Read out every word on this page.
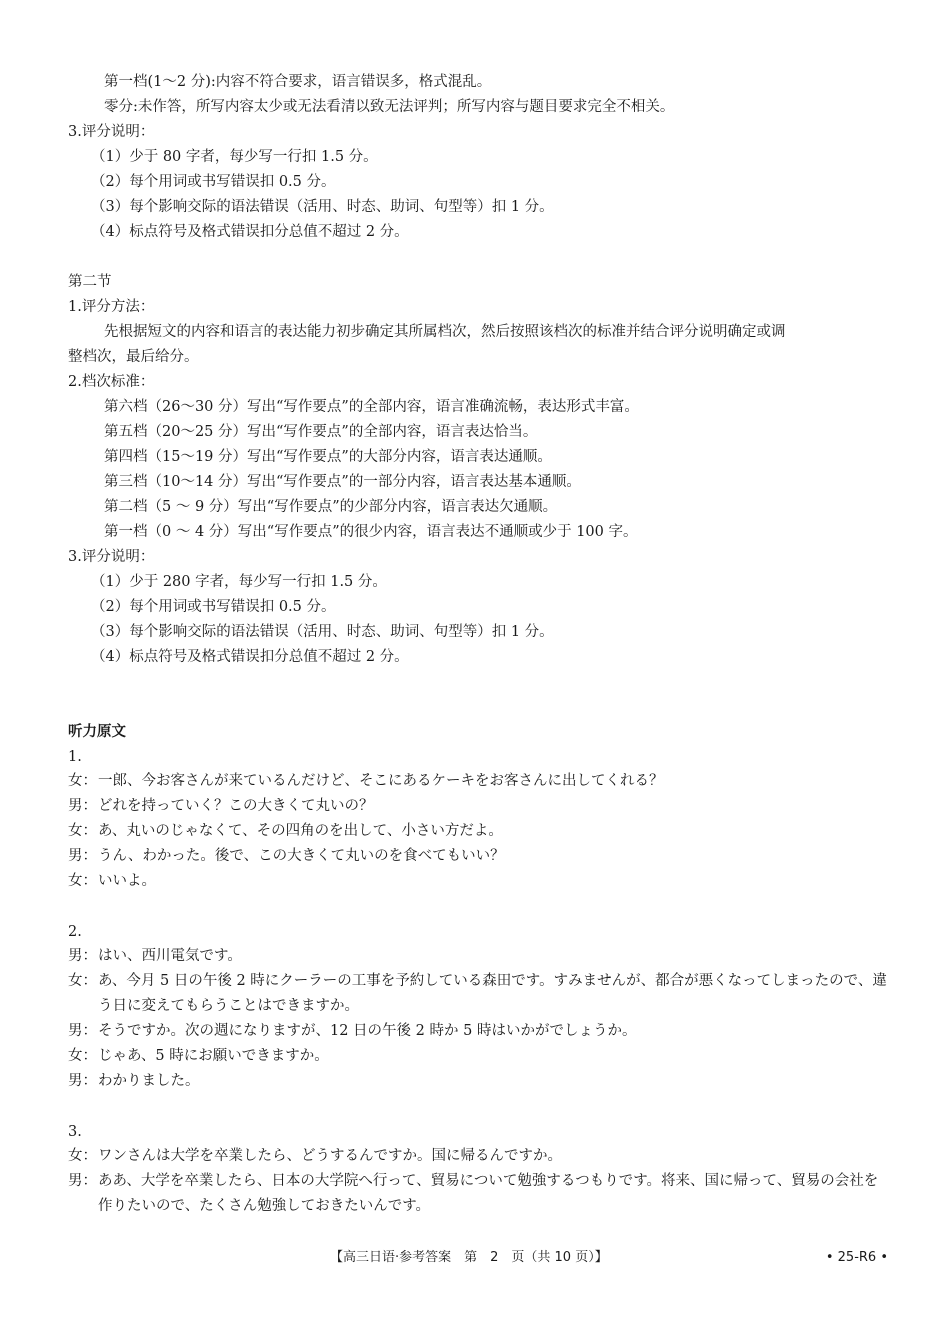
第一档(1～2 分):内容不符合要求，语言错误多，格式混乱。
零分:未作答，所写内容太少或无法看清以致无法评判；所写内容与题目要求完全不相关。
3.评分说明：
（1）少于 80 字者，每少写一行扣 1.5 分。
（2）每个用词或书写错误扣 0.5 分。
（3）每个影响交际的语法错误（活用、时态、助词、句型等）扣 1 分。
（4）标点符号及格式错误扣分总值不超过 2 分。
第二节
1.评分方法：
先根据短文的内容和语言的表达能力初步确定其所属档次，然后按照该档次的标准并结合评分说明确定或调
整档次，最后给分。
2.档次标准：
第六档（26～30 分）写出“写作要点”的全部内容，语言准确流畅，表达形式丰富。
第五档（20～25 分）写出“写作要点”的全部内容，语言表达恰当。
第四档（15～19 分）写出“写作要点”的大部分内容，语言表达通顺。
第三档（10～14 分）写出“写作要点”的一部分内容，语言表达基本通顺。
第二档（5 ～ 9 分）写出“写作要点”的少部分内容，语言表达欠通顺。
第一档（0 ～ 4 分）写出“写作要点”的很少内容，语言表达不通顺或少于 100 字。
3.评分说明：
（1）少于 280 字者，每少写一行扣 1.5 分。
（2）每个用词或书写错误扣 0.5 分。
（3）每个影响交际的语法错误（活用、时态、助词、句型等）扣 1 分。
（4）标点符号及格式错误扣分总值不超过 2 分。
听力原文
1.
女： 一郎、今お客さんが来ているんだけど、そこにあるケーキをお客さんに出してくれる？
男： どれを持っていく？この大きくて丸いの？
女： あ、丸いのじゃなくて、その四角のを出して、小さい方だよ。
男： うん、わかった。後で、この大きくて丸いのを食べてもいい？
女： いいよ。
2.
男： はい、西川電気です。
女： あ、今月 5 日の午後 2 時にクーラーの工事を予約している森田です。すみませんが、都合が悪くなってしまったので、違う日に変えてもらうことはできますか。
男： そうですか。次の週になりますが、12 日の午後 2 時か 5 時はいかがでしょうか。
女： じゃあ、5 時にお願いできますか。
男： わかりました。
3.
女： ワンさんは大学を卒業したら、どうするんですか。国に帰るんですか。
男： ああ、大学を卒業したら、日本の大学院へ行って、貿易について勉強するつもりです。将来、国に帰って、貿易の会社を作りたいので、たくさん勉強しておきたいんです。
【高三日语·参考答案　第　2　页（共 10 页）】	• 25-R6 •
